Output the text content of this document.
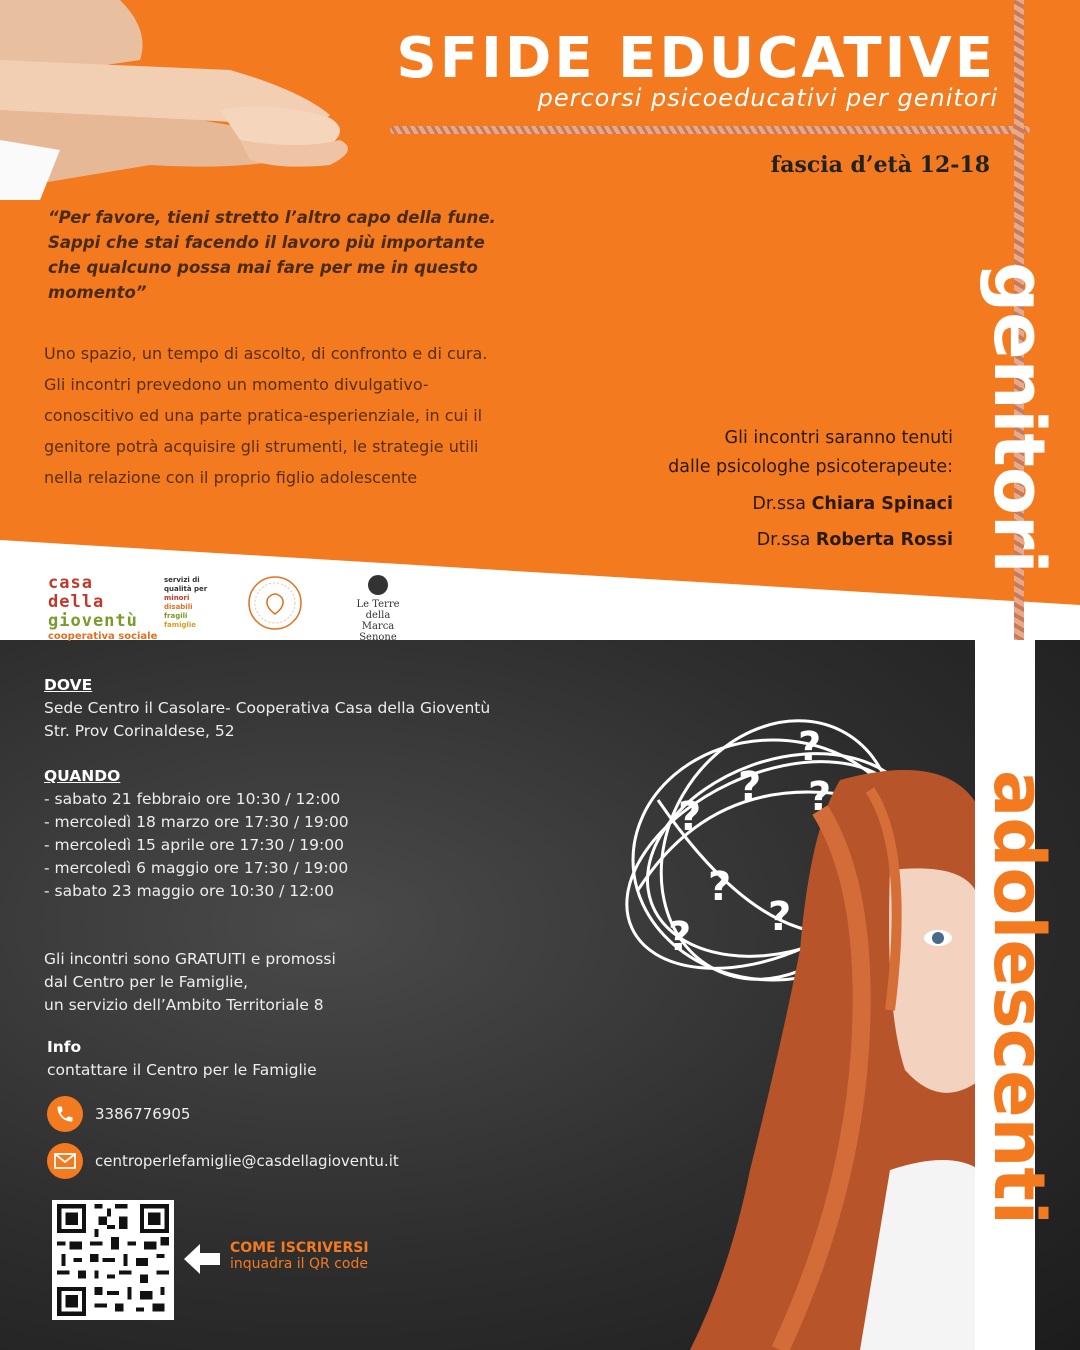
SFIDE EDUCATIVE
percorsi psicoeducativi per genitori
fascia d’età 12-18
“Per favore, tieni stretto l’altro capo della fune. Sappi che stai facendo il lavoro più importante che qualcuno possa mai fare per me in questo momento”
Uno spazio, un tempo di ascolto, di confronto e di cura.
Gli incontri prevedono un momento divulgativo-
conoscitivo ed una parte pratica-esperienziale, in cui il
genitore potrà acquisire gli strumenti, le strategie utili
nella relazione con il proprio figlio adolescente
Gli incontri saranno tenuti
dalle psicologhe psicoterapeute:
Dr.ssa Chiara Spinaci
Dr.ssa Roberta Rossi genitori
casa della
gioventù
cooperativa sociale
servizi di
qualità per
minori
disabili
fragili
famiglie
Le Terre della
Marca
Senone
DOVE
Sede Centro il Casolare- Cooperativa Casa della Gioventù
Str. Prov Corinaldese, 52
QUANDO
- sabato 21 febbraio ore 10:30 / 12:00
- mercoledì 18 marzo ore 17:30 / 19:00
- mercoledì 15 aprile ore 17:30 / 19:00
- mercoledì 6 maggio ore 17:30 / 19:00
- sabato 23 maggio ore 10:30 / 12:00
Gli incontri sono GRATUITI e promossi
dal Centro per le Famiglie,
un servizio dell’Ambito Territoriale 8
Info
contattare il Centro per le Famiglie
3386776905
centroperlefamiglie@casdellagioventu.it
COME ISCRIVERSI
inquadra il QR code
?
?
?
?
?
?
? adolescenti
